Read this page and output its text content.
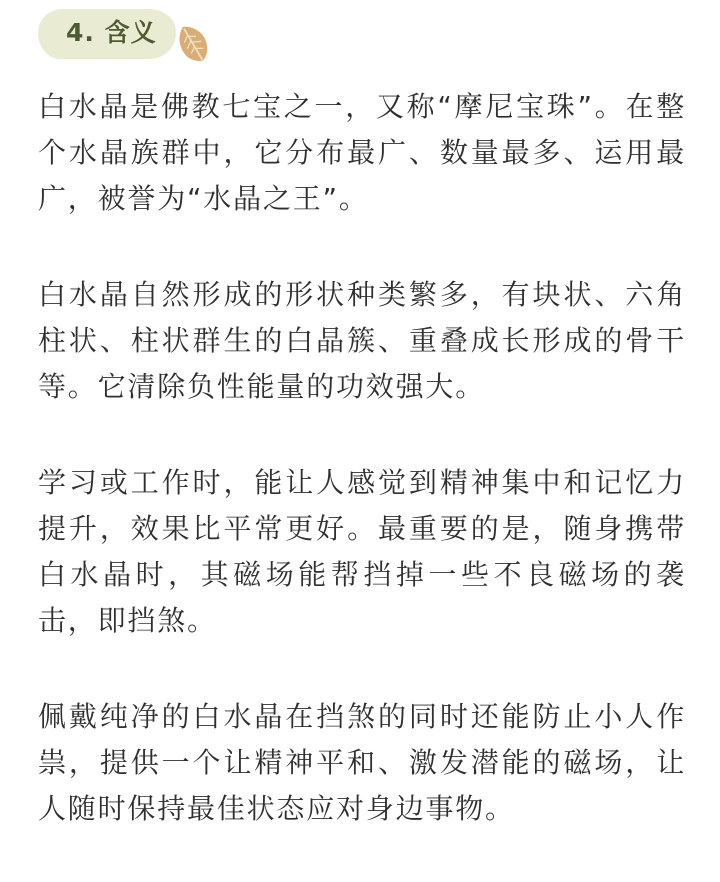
4. 含义

白水晶是佛教七宝之一，又称“摩尼宝珠”。在整个水晶族群中，它分布最广、数量最多、运用最广，被誉为“水晶之王”。

白水晶自然形成的形状种类繁多，有块状、六角柱状、柱状群生的白晶簇、重叠成长形成的骨干等。它清除负性能量的功效强大。

学习或工作时，能让人感觉到精神集中和记忆力提升，效果比平常更好。最重要的是，随身携带白水晶时，其磁场能帮挡掉一些不良磁场的袭击，即挡煞。

佩戴纯净的白水晶在挡煞的同时还能防止小人作祟，提供一个让精神平和、激发潜能的磁场，让人随时保持最佳状态应对身边事物。
